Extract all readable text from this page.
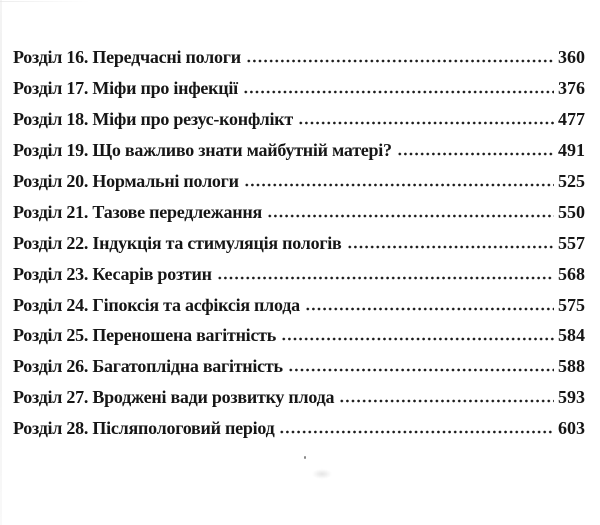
Розділ 16. Передчасні пологи	360
Розділ 17. Міфи про інфекції	376
Розділ 18. Міфи про резус-конфлікт	477
Розділ 19. Що важливо знати майбутній матері?	491
Розділ 20. Нормальні пологи	525
Розділ 21. Тазове передлежання	550
Розділ 22. Індукція та стимуляція пологів	557
Розділ 23. Кесарів розтин	568
Розділ 24. Гіпоксія та асфіксія плода	575
Розділ 25. Переношена вагітність	584
Розділ 26. Багатоплідна вагітність	588
Розділ 27. Вроджені вади розвитку плода	593
Розділ 28. Післяпологовий період	603
